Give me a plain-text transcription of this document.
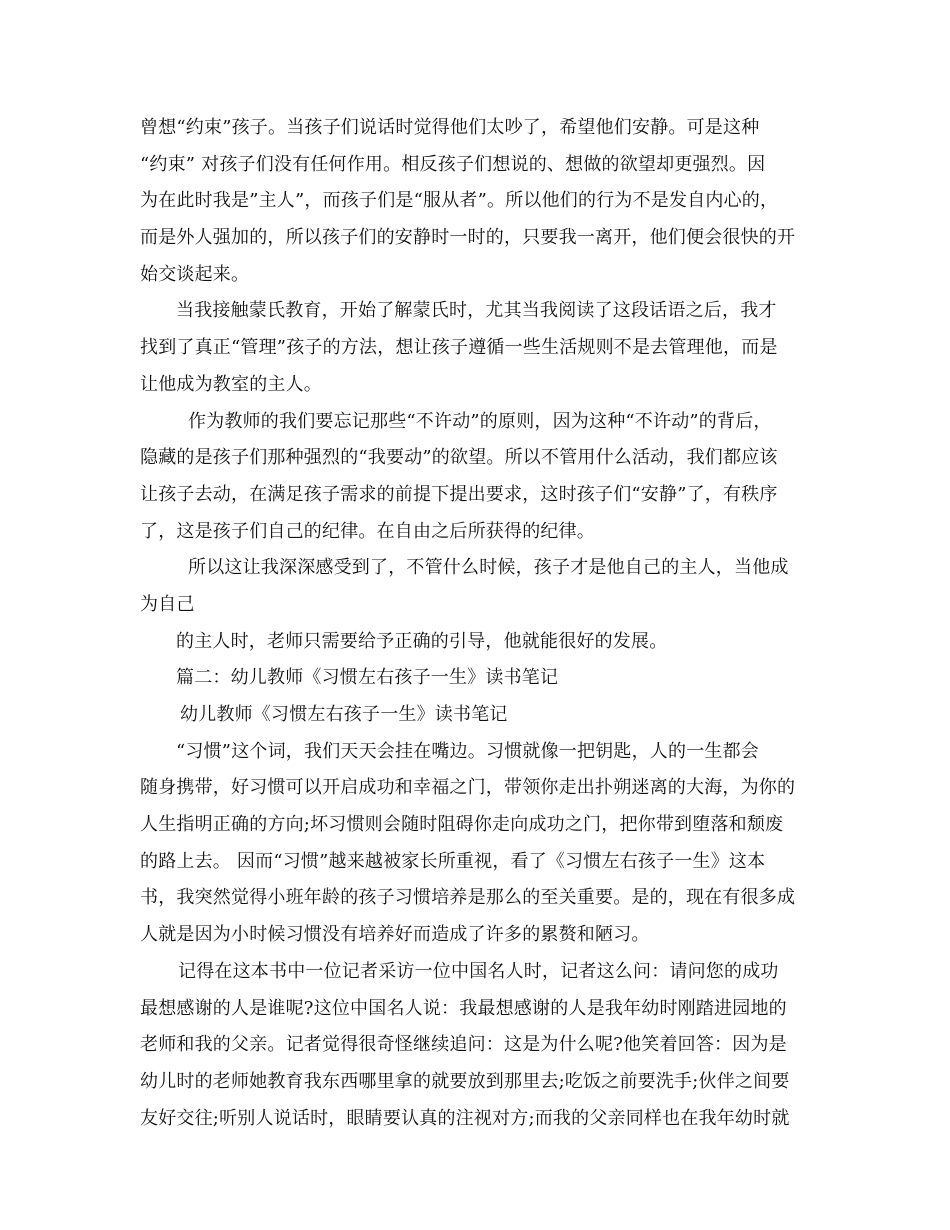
曾想“约束”孩子。当孩子们说话时觉得他们太吵了，希望他们安静。可是这种
“约束” 对孩子们没有任何作用。相反孩子们想说的、想做的欲望却更强烈。因
为在此时我是”主人”，而孩子们是“服从者”。所以他们的行为不是发自内心的，
而是外人强加的，所以孩子们的安静时一时的，只要我一离开，他们便会很快的开
始交谈起来。
当我接触蒙氏教育，开始了解蒙氏时，尤其当我阅读了这段话语之后，我才
找到了真正“管理”孩子的方法，想让孩子遵循一些生活规则不是去管理他，而是
让他成为教室的主人。
作为教师的我们要忘记那些“不许动”的原则，因为这种“不许动”的背后，
隐藏的是孩子们那种强烈的“我要动”的欲望。所以不管用什么活动，我们都应该
让孩子去动，在满足孩子需求的前提下提出要求，这时孩子们“安静”了，有秩序
了，这是孩子们自己的纪律。在自由之后所获得的纪律。
所以这让我深深感受到了，不管什么时候，孩子才是他自己的主人，当他成
为自己
的主人时，老师只需要给予正确的引导，他就能很好的发展。
篇二：幼儿教师《习惯左右孩子一生》读书笔记
幼儿教师《习惯左右孩子一生》读书笔记
“习惯”这个词，我们天天会挂在嘴边。习惯就像一把钥匙，人的一生都会
随身携带，好习惯可以开启成功和幸福之门，带领你走出扑朔迷离的大海，为你的
人生指明正确的方向;坏习惯则会随时阻碍你走向成功之门，把你带到堕落和颓废
的路上去。 因而“习惯”越来越被家长所重视，看了《习惯左右孩子一生》这本
书，我突然觉得小班年龄的孩子习惯培养是那么的至关重要。是的，现在有很多成
人就是因为小时候习惯没有培养好而造成了许多的累赘和陋习。
记得在这本书中一位记者采访一位中国名人时，记者这么问：请问您的成功
最想感谢的人是谁呢?这位中国名人说：我最想感谢的人是我年幼时刚踏进园地的
老师和我的父亲。记者觉得很奇怪继续追问：这是为什么呢?他笑着回答：因为是
幼儿时的老师她教育我东西哪里拿的就要放到那里去;吃饭之前要洗手;伙伴之间要
友好交往;听别人说话时，眼睛要认真的注视对方;而我的父亲同样也在我年幼时就
